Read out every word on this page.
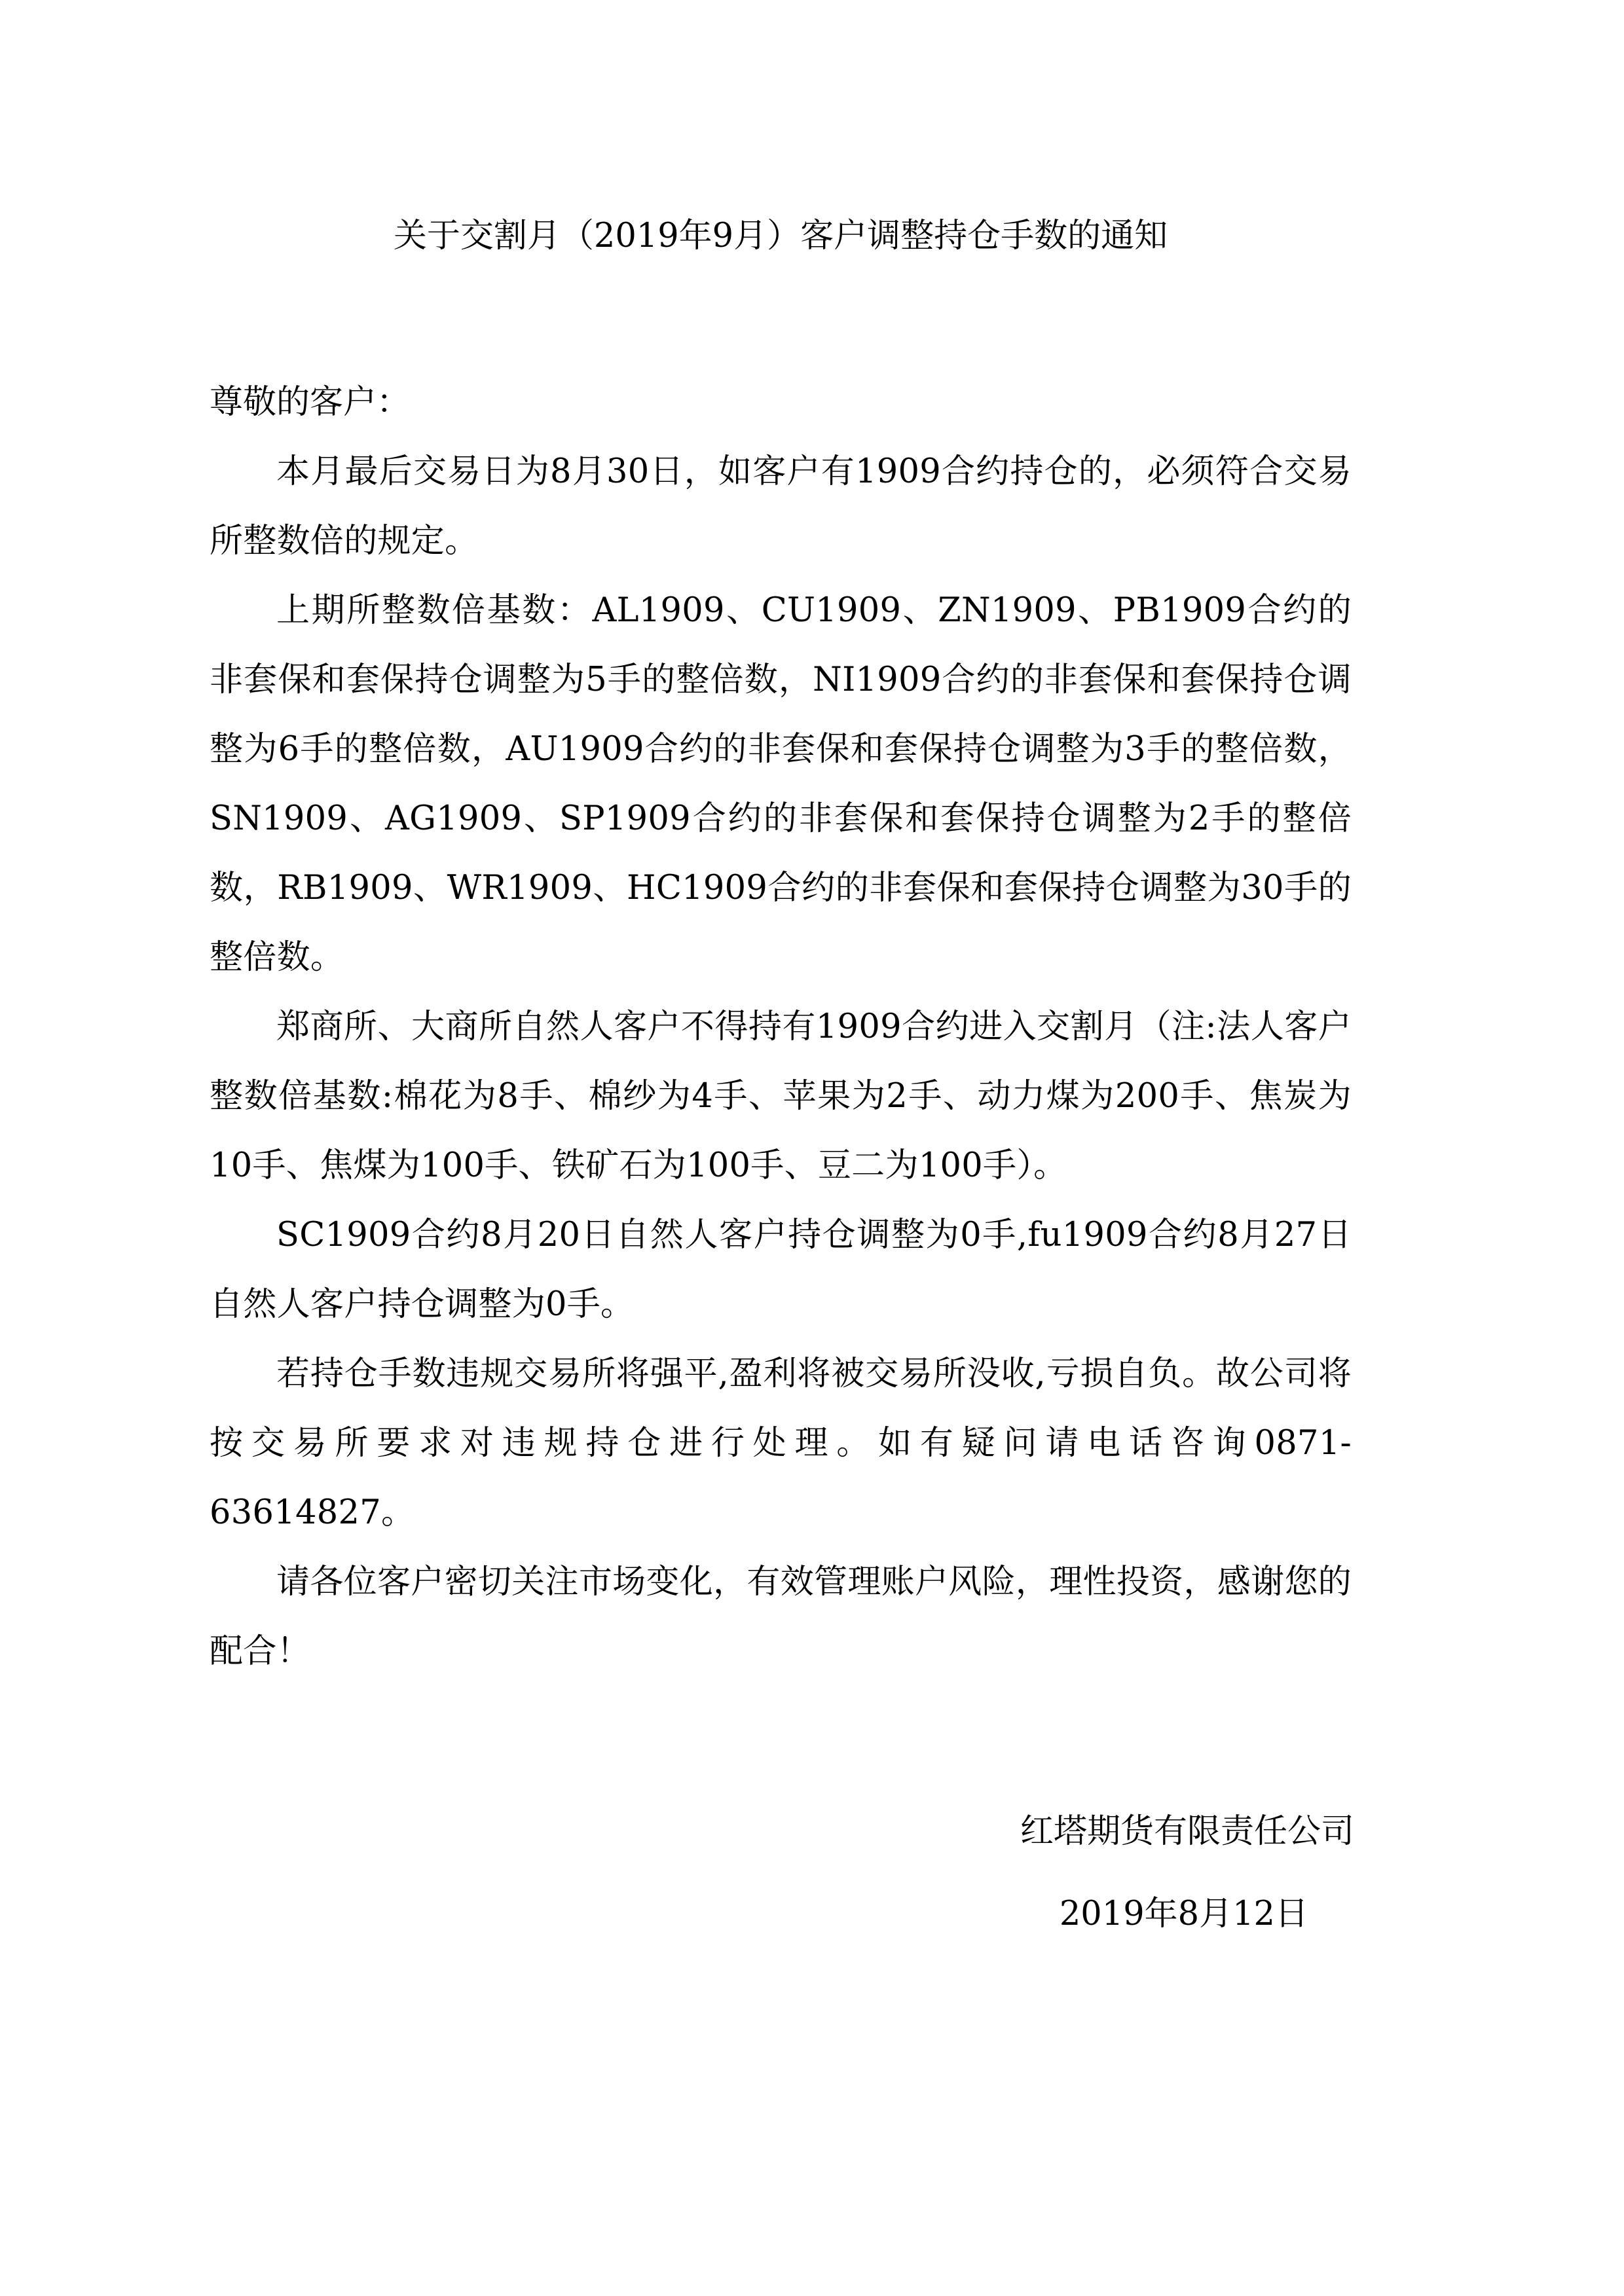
关于交割月（2019年9月）客户调整持仓手数的通知

尊敬的客户：

本月最后交易日为8月30日，如客户有1909合约持仓的，必须符合交易所整数倍的规定。

上期所整数倍基数：AL1909、CU1909、ZN1909、PB1909合约的非套保和套保持仓调整为5手的整倍数，NI1909合约的非套保和套保持仓调整为6手的整倍数，AU1909合约的非套保和套保持仓调整为3手的整倍数，SN1909、AG1909、SP1909合约的非套保和套保持仓调整为2手的整倍数，RB1909、WR1909、HC1909合约的非套保和套保持仓调整为30手的整倍数。

郑商所、大商所自然人客户不得持有1909合约进入交割月（注:法人客户整数倍基数:棉花为8手、棉纱为4手、苹果为2手、动力煤为200手、焦炭为10手、焦煤为100手、铁矿石为100手、豆二为100手）。

SC1909合约8月20日自然人客户持仓调整为0手,fu1909合约8月27日自然人客户持仓调整为0手。

若持仓手数违规交易所将强平,盈利将被交易所没收,亏损自负。故公司将按交易所要求对违规持仓进行处理。如有疑问请电话咨询0871-63614827。

请各位客户密切关注市场变化，有效管理账户风险，理性投资，感谢您的配合！

红塔期货有限责任公司

2019年8月12日
